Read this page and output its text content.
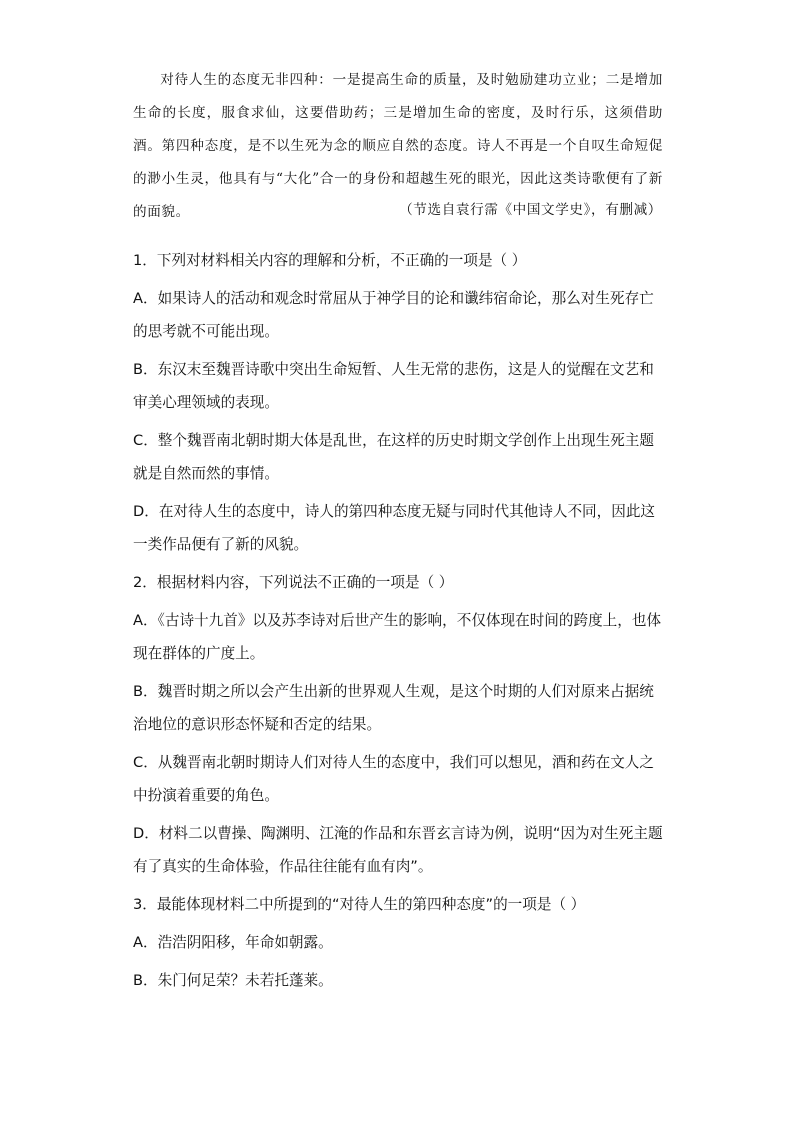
对待人生的态度无非四种：一是提高生命的质量，及时勉励建功立业；二是增加生命的长度，服食求仙，这要借助药；三是增加生命的密度，及时行乐，这须借助酒。第四种态度，是不以生死为念的顺应自然的态度。诗人不再是一个自叹生命短促的渺小生灵，他具有与“大化”合一的身份和超越生死的眼光，因此这类诗歌便有了新的面貌。	（节选自袁行霈《中国文学史》，有删减）

1．下列对材料相关内容的理解和分析，不正确的一项是（ ）

A．如果诗人的活动和观念时常屈从于神学目的论和谶纬宿命论，那么对生死存亡的思考就不可能出现。

B．东汉末至魏晋诗歌中突出生命短暂、人生无常的悲伤，这是人的觉醒在文艺和审美心理领域的表现。

C．整个魏晋南北朝时期大体是乱世，在这样的历史时期文学创作上出现生死主题就是自然而然的事情。

D．在对待人生的态度中，诗人的第四种态度无疑与同时代其他诗人不同，因此这一类作品便有了新的风貌。

2．根据材料内容，下列说法不正确的一项是（ ）

A．《古诗十九首》以及苏李诗对后世产生的影响，不仅体现在时间的跨度上，也体现在群体的广度上。

B．魏晋时期之所以会产生出新的世界观人生观，是这个时期的人们对原来占据统治地位的意识形态怀疑和否定的结果。

C．从魏晋南北朝时期诗人们对待人生的态度中，我们可以想见，酒和药在文人之中扮演着重要的角色。

D．材料二以曹操、陶渊明、江淹的作品和东晋玄言诗为例，说明“因为对生死主题有了真实的生命体验，作品往往能有血有肉”。

3．最能体现材料二中所提到的“对待人生的第四种态度”的一项是（ ）

A．浩浩阴阳移，年命如朝露。

B．朱门何足荣？未若托蓬莱。
